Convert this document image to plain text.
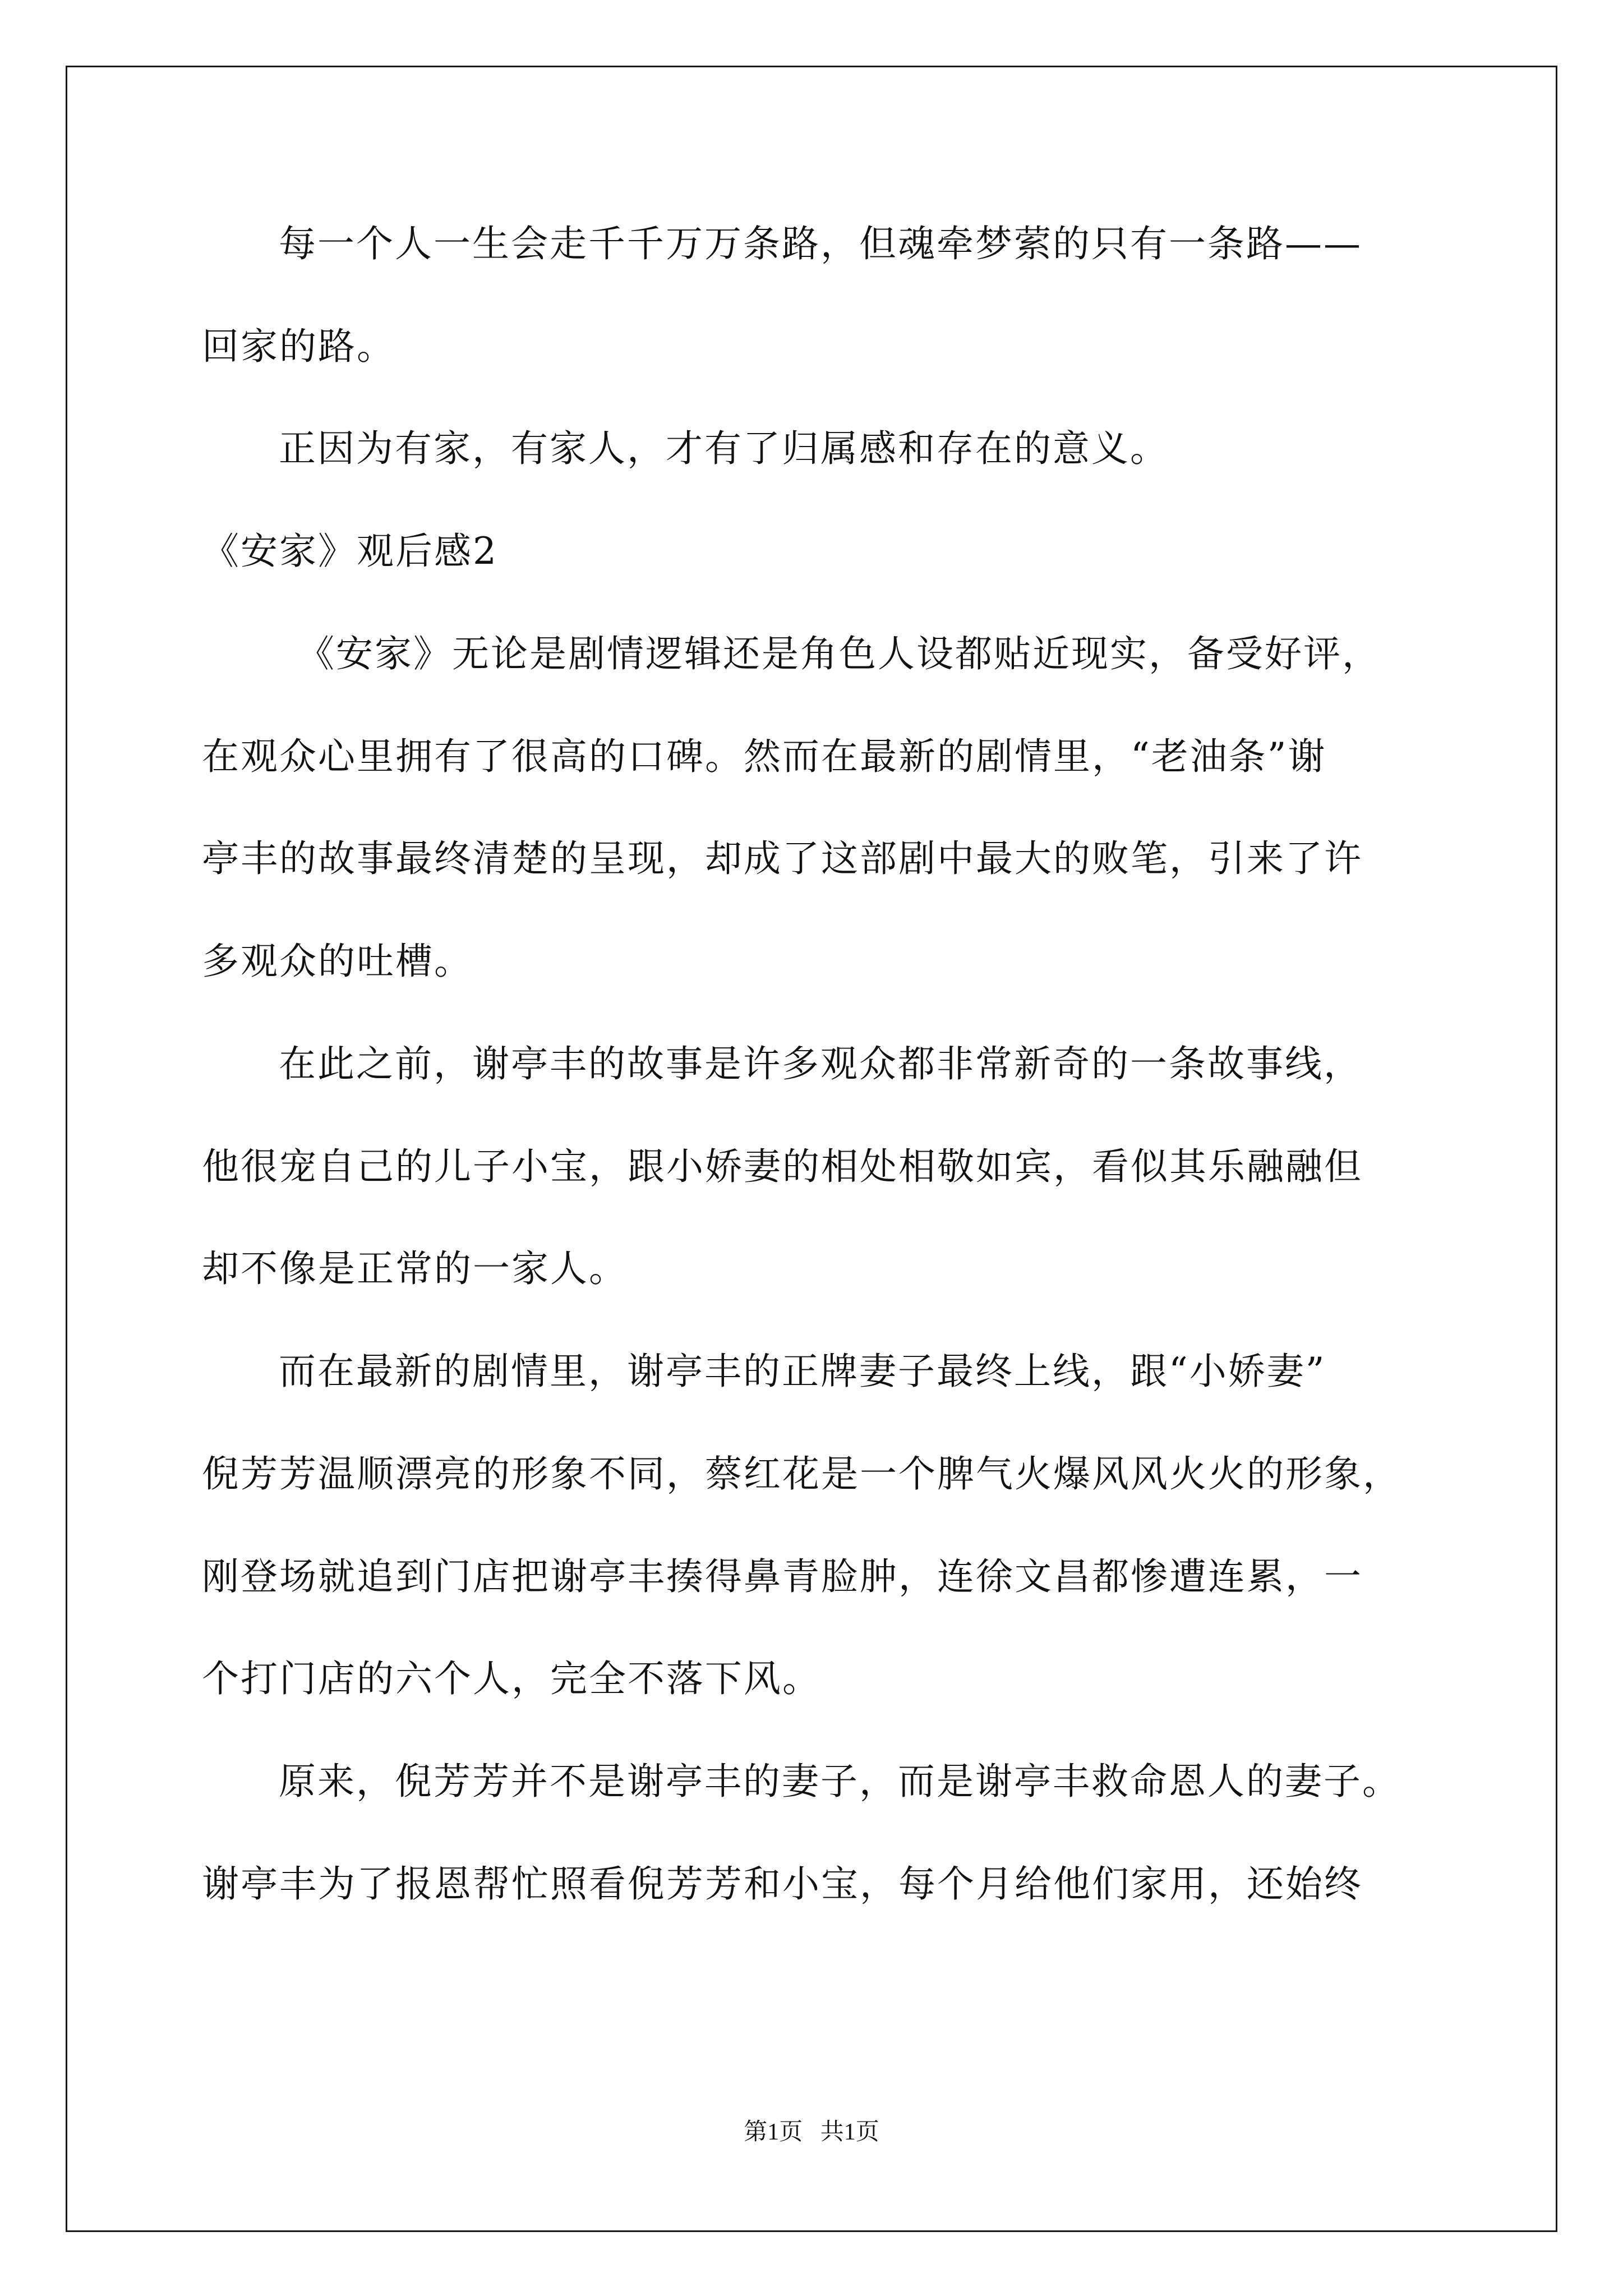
每一个人一生会走千千万万条路，但魂牵梦萦的只有一条路——
回家的路。
正因为有家，有家人，才有了归属感和存在的意义。
《安家》观后感2
《安家》无论是剧情逻辑还是角色人设都贴近现实，备受好评，
在观众心里拥有了很高的口碑。然而在最新的剧情里，“老油条”谢
亭丰的故事最终清楚的呈现，却成了这部剧中最大的败笔，引来了许
多观众的吐槽。
在此之前，谢亭丰的故事是许多观众都非常新奇的一条故事线，
他很宠自己的儿子小宝，跟小娇妻的相处相敬如宾，看似其乐融融但
却不像是正常的一家人。
而在最新的剧情里，谢亭丰的正牌妻子最终上线，跟“小娇妻”
倪芳芳温顺漂亮的形象不同，蔡红花是一个脾气火爆风风火火的形象，
刚登场就追到门店把谢亭丰揍得鼻青脸肿，连徐文昌都惨遭连累，一
个打门店的六个人，完全不落下风。
原来，倪芳芳并不是谢亭丰的妻子，而是谢亭丰救命恩人的妻子。
谢亭丰为了报恩帮忙照看倪芳芳和小宝，每个月给他们家用，还始终
第1页   共1页
